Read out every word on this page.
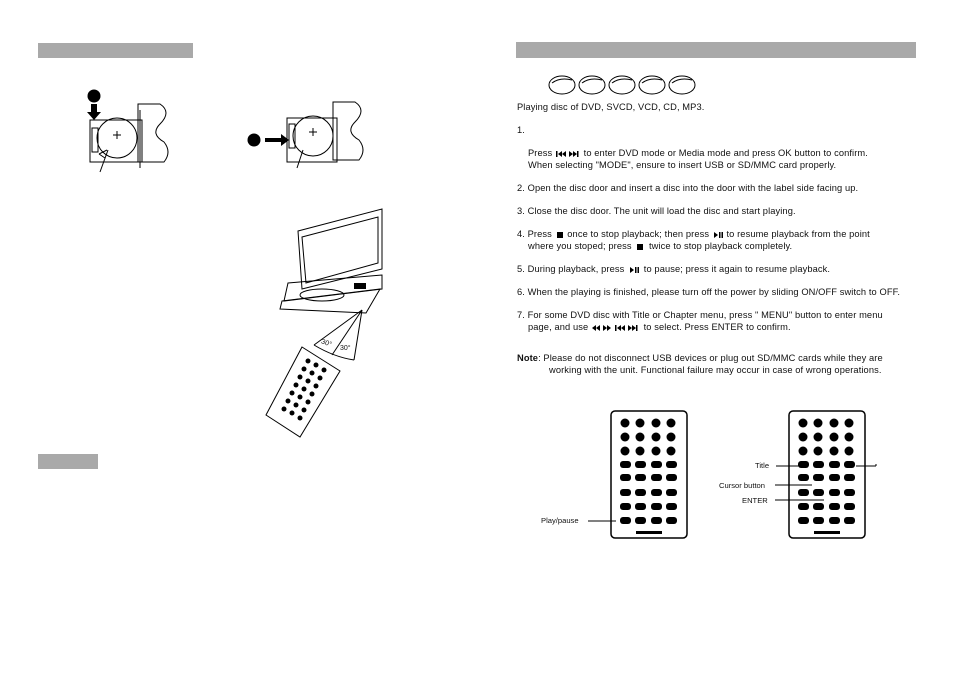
30° 30°
Playing disc of DVD, SVCD, VCD, CD, MP3.
1.
Press	to enter DVD mode or Media mode and press OK button to confirm.
When selecting "MODE", ensure to insert USB or SD/MMC card properly.
2. Open the disc door and insert a disc into the door with the label side facing up.
3. Close the disc door. The unit will load the disc and start playing.
4. Press once to stop playback; then press to resume playback from the point
where you stoped; press twice to stop playback completely.
5. During playback, press to pause; press it again to resume playback.
6. When the playing is finished, please turn off the power by sliding ON/OFF switch to OFF.
7. For some DVD disc with Title or Chapter menu, press " MENU" button to enter menu
page, and use	to select. Press ENTER to confirm.
Note: Please do not disconnect USB devices or plug out SD/MMC cards while they are
working with the unit. Functional failure may occur in case of wrong operations.
Play/pause
Title
Cursor button
ENTER
